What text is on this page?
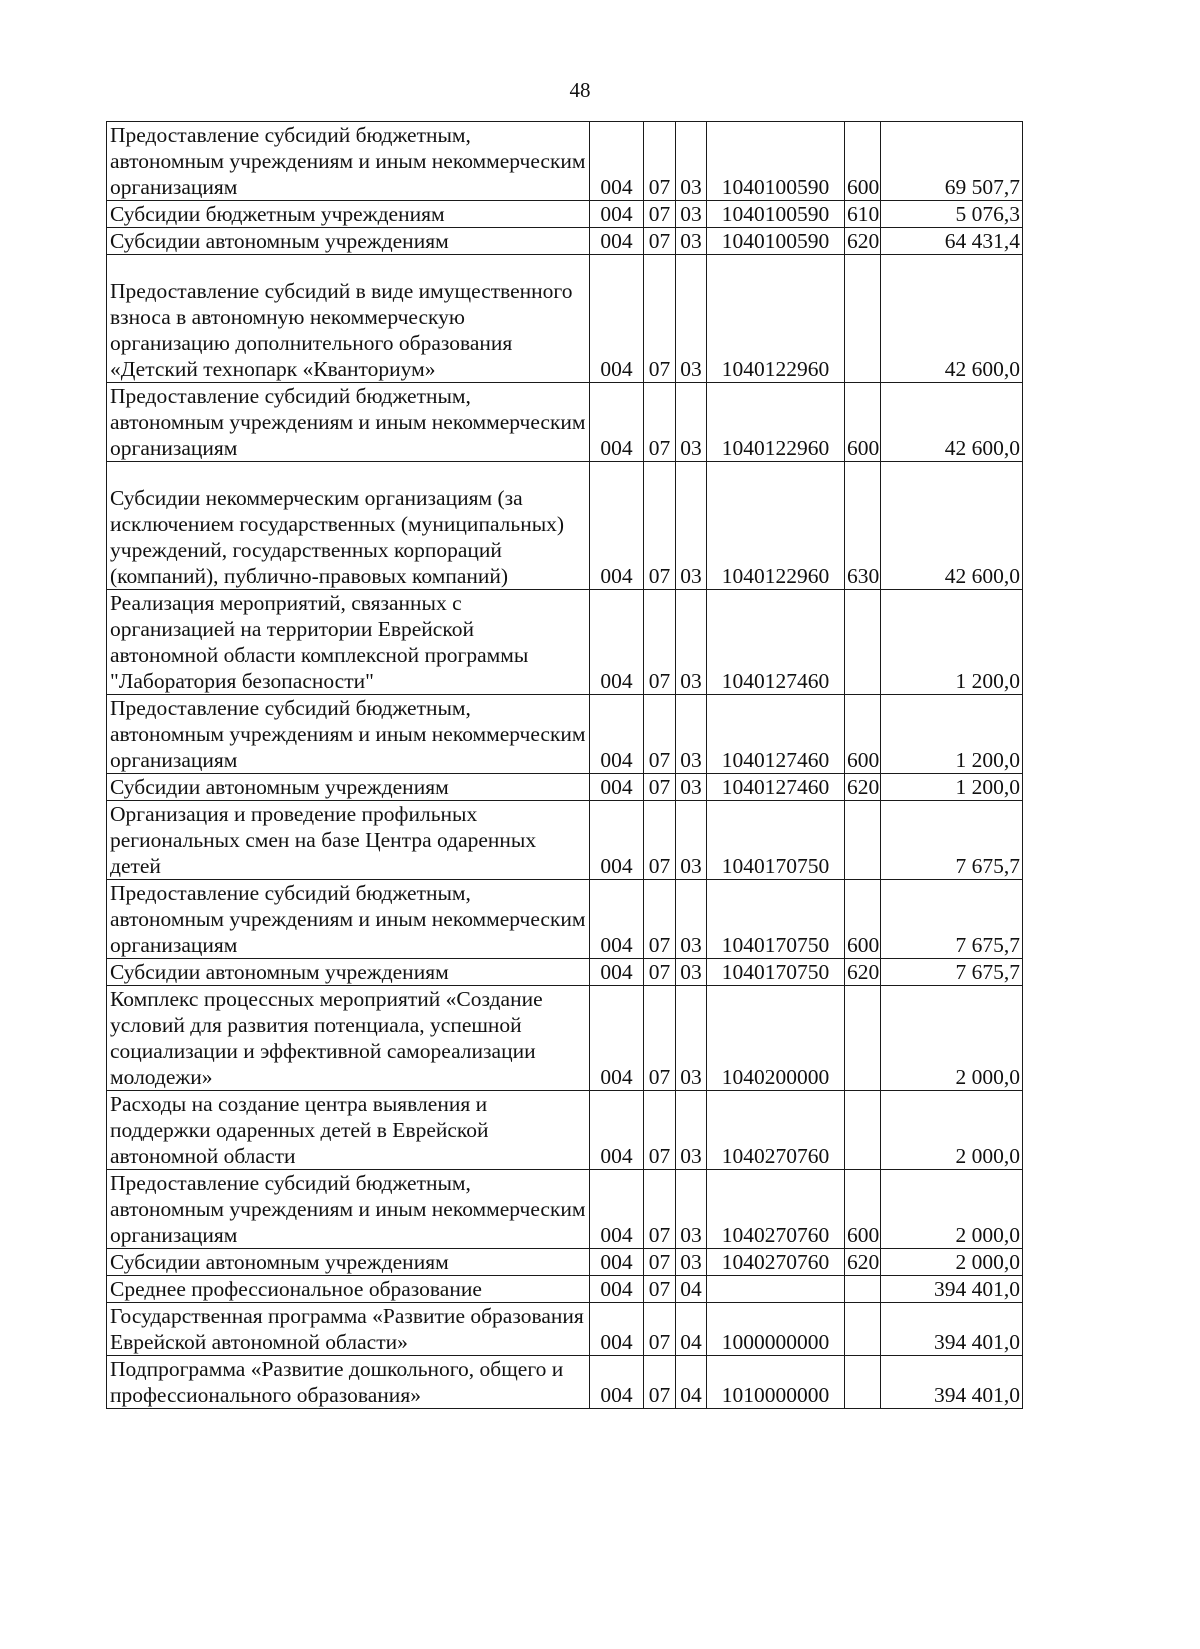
48
Предоставление субсидий бюджетным, автономным учреждениям и иным некоммерческим организациям	004	07	03	1040100590	600	69 507,7
Субсидии бюджетным учреждениям	004	07	03	1040100590	610	5 076,3
Субсидии автономным учреждениям	004	07	03	1040100590	620	64 431,4
Предоставление субсидий в виде имущественного взноса в автономную некоммерческую организацию дополнительного образования «Детский технопарк «Кванториум»	004	07	03	1040122960		42 600,0
Предоставление субсидий бюджетным, автономным учреждениям и иным некоммерческим организациям	004	07	03	1040122960	600	42 600,0
Субсидии некоммерческим организациям (за исключением государственных (муниципальных) учреждений, государственных корпораций (компаний), публично-правовых компаний)	004	07	03	1040122960	630	42 600,0
Реализация мероприятий, связанных с организацией на территории Еврейской автономной области комплексной программы "Лаборатория безопасности"	004	07	03	1040127460		1 200,0
Предоставление субсидий бюджетным, автономным учреждениям и иным некоммерческим организациям	004	07	03	1040127460	600	1 200,0
Субсидии автономным учреждениям	004	07	03	1040127460	620	1 200,0
Организация и проведение профильных региональных смен на базе Центра одаренных детей	004	07	03	1040170750		7 675,7
Предоставление субсидий бюджетным, автономным учреждениям и иным некоммерческим организациям	004	07	03	1040170750	600	7 675,7
Субсидии автономным учреждениям	004	07	03	1040170750	620	7 675,7
Комплекс процессных мероприятий «Создание условий для развития потенциала, успешной социализации и эффективной самореализации молодежи»	004	07	03	1040200000		2 000,0
Расходы на создание центра выявления и поддержки одаренных детей в Еврейской автономной области	004	07	03	1040270760		2 000,0
Предоставление субсидий бюджетным, автономным учреждениям и иным некоммерческим организациям	004	07	03	1040270760	600	2 000,0
Субсидии автономным учреждениям	004	07	03	1040270760	620	2 000,0
Среднее профессиональное образование	004	07	04			394 401,0
Государственная программа «Развитие образования Еврейской автономной области»	004	07	04	1000000000		394 401,0
Подпрограмма «Развитие дошкольного, общего и профессионального образования»	004	07	04	1010000000		394 401,0
